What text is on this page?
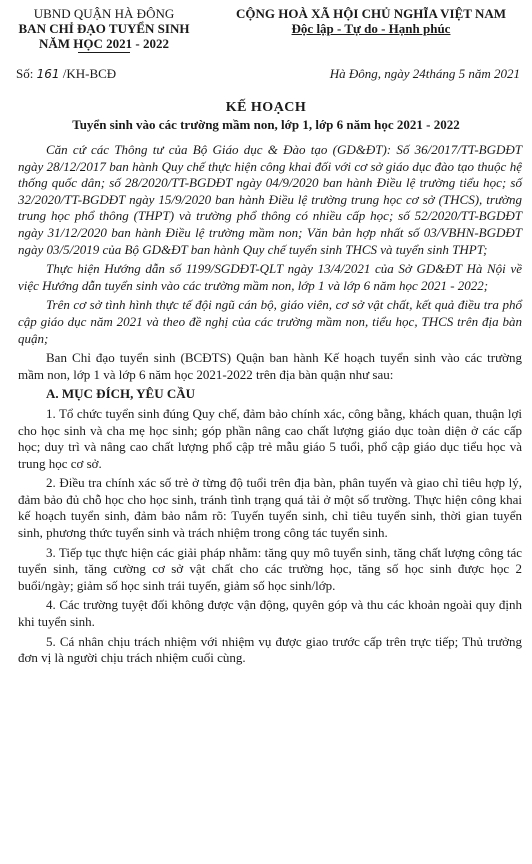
UBND QUẬN HÀ ĐÔNG
BAN CHỈ ĐẠO TUYỂN SINH
NĂM HỌC 2021 - 2022
CỘNG HOÀ XÃ HỘI CHỦ NGHĨA VIỆT NAM
Độc lập - Tự do - Hạnh phúc
Số: 161 /KH-BCĐ	Hà Đông, ngày 24tháng 5 năm 2021
KẾ HOẠCH
Tuyển sinh vào các trường mầm non, lớp 1, lớp 6 năm học 2021 - 2022

Căn cứ các Thông tư của Bộ Giáo dục & Đào tạo (GD&ĐT): Số 36/2017/TT-BGDĐT ngày 28/12/2017 ban hành Quy chế thực hiện công khai đối với cơ sở giáo dục đào tạo thuộc hệ thống quốc dân; số 28/2020/TT-BGDĐT ngày 04/9/2020 ban hành Điều lệ trường tiểu học; số 32/2020/TT-BGDĐT ngày 15/9/2020 ban hành Điều lệ trường trung học cơ sở (THCS), trường trung học phổ thông (THPT) và trường phổ thông có nhiều cấp học; số 52/2020/TT-BGDĐT ngày 31/12/2020 ban hành Điều lệ trường mầm non; Văn bản hợp nhất số 03/VBHN-BGDĐT ngày 03/5/2019 của Bộ GD&ĐT ban hành Quy chế tuyển sinh THCS và tuyển sinh THPT;

Thực hiện Hướng dẫn số 1199/SGDĐT-QLT ngày 13/4/2021 của Sở GD&ĐT Hà Nội về việc Hướng dẫn tuyển sinh vào các trường mầm non, lớp 1 và lớp 6 năm học 2021 - 2022;

Trên cơ sở tình hình thực tế đội ngũ cán bộ, giáo viên, cơ sở vật chất, kết quả điều tra phổ cập giáo dục năm 2021 và theo đề nghị của các trường mầm non, tiểu học, THCS trên địa bàn quận;

Ban Chỉ đạo tuyển sinh (BCĐTS) Quận ban hành Kế hoạch tuyển sinh vào các trường mầm non, lớp 1 và lớp 6 năm học 2021-2022 trên địa bàn quận như sau:

A. MỤC ĐÍCH, YÊU CẦU

1. Tổ chức tuyển sinh đúng Quy chế, đảm bảo chính xác, công bằng, khách quan, thuận lợi cho học sinh và cha mẹ học sinh; góp phần nâng cao chất lượng giáo dục toàn diện ở các cấp học; duy trì và nâng cao chất lượng phổ cập trẻ mẫu giáo 5 tuổi, phổ cập giáo dục tiểu học và trung học cơ sở.

2. Điều tra chính xác số trẻ ở từng độ tuổi trên địa bàn, phân tuyến và giao chỉ tiêu hợp lý, đảm bảo đủ chỗ học cho học sinh, tránh tình trạng quá tải ở một số trường. Thực hiện công khai kế hoạch tuyển sinh, đảm bảo nắm rõ: Tuyến tuyển sinh, chỉ tiêu tuyển sinh, thời gian tuyển sinh, phương thức tuyển sinh và trách nhiệm trong công tác tuyển sinh.

3. Tiếp tục thực hiện các giải pháp nhằm: tăng quy mô tuyển sinh, tăng chất lượng công tác tuyển sinh, tăng cường cơ sở vật chất cho các trường học, tăng số học sinh được học 2 buổi/ngày; giảm số học sinh trái tuyến, giảm số học sinh/lớp.

4. Các trường tuyệt đối không được vận động, quyên góp và thu các khoản ngoài quy định khi tuyển sinh.

5. Cá nhân chịu trách nhiệm với nhiệm vụ được giao trước cấp trên trực tiếp; Thủ trưởng đơn vị là người chịu trách nhiệm cuối cùng.
